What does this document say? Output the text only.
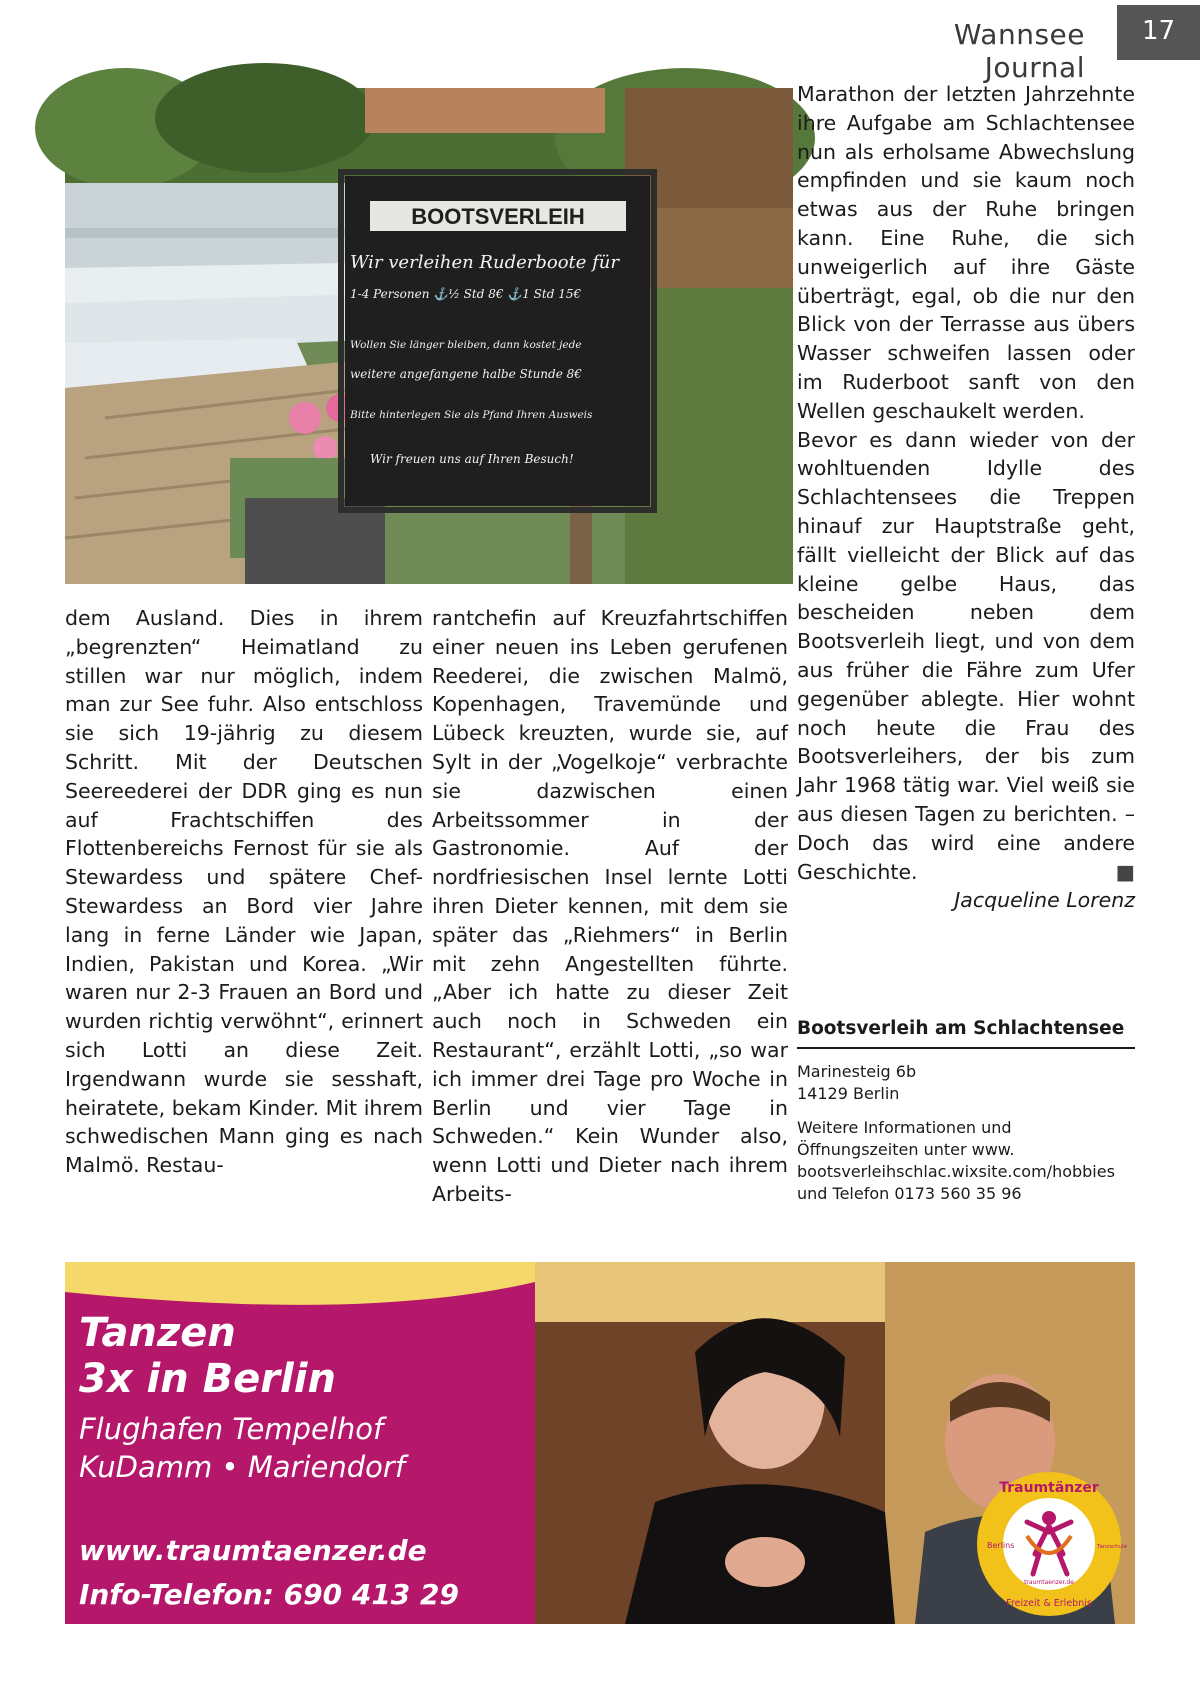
Wannsee Journal
17
BOOTSVERLEIH
Wir verleihen Ruderboote für
1-4 Personen ⚓½ Std 8€ ⚓1 Std 15€
Wollen Sie länger bleiben, dann kostet jede
weitere angefangene halbe Stunde 8€
Bitte hinterlegen Sie als Pfand Ihren Ausweis
Wir freuen uns auf Ihren Besuch!

dem Ausland. Dies in ihrem „begrenzten“ Heimatland zu stillen war nur möglich, indem man zur See fuhr. Also entschloss sie sich 19-jährig zu diesem Schritt. Mit der Deutschen Seereederei der DDR ging es nun auf Frachtschiffen des Flottenbereichs Fernost für sie als Stewardess und spätere Chef-Stewardess an Bord vier Jahre lang in ferne Länder wie Japan, Indien, Pakistan und Korea. „Wir waren nur 2-3 Frauen an Bord und wurden richtig verwöhnt“, erinnert sich Lotti an diese Zeit. Irgendwann wurde sie sesshaft, heiratete, bekam Kinder. Mit ihrem schwedischen Mann ging es nach Malmö. Restau-

rantchefin auf Kreuzfahrtschiffen einer neuen ins Leben gerufenen Reederei, die zwischen Malmö, Kopenhagen, Travemünde und Lübeck kreuzten, wurde sie, auf Sylt in der „Vogelkoje“ verbrachte sie dazwischen einen Arbeitssommer in der Gastronomie. Auf der nordfriesischen Insel lernte Lotti ihren Dieter kennen, mit dem sie später das „Riehmers“ in Berlin mit zehn Angestellten führte. „Aber ich hatte zu dieser Zeit auch noch in Schweden ein Restaurant“, erzählt Lotti, „so war ich immer drei Tage pro Woche in Berlin und vier Tage in Schweden.“ Kein Wunder also, wenn Lotti und Dieter nach ihrem Arbeits-

Marathon der letzten Jahrzehnte ihre Aufgabe am Schlachtensee nun als erholsame Abwechslung empfinden und sie kaum noch etwas aus der Ruhe bringen kann. Eine Ruhe, die sich unweigerlich auf ihre Gäste überträgt, egal, ob die nur den Blick von der Terrasse aus übers Wasser schweifen lassen oder im Ruderboot sanft von den Wellen geschaukelt werden.

Bevor es dann wieder von der wohltuenden Idylle des Schlachtensees die Treppen hinauf zur Hauptstraße geht, fällt vielleicht der Blick auf das kleine gelbe Haus, das bescheiden neben dem Bootsverleih liegt, und von dem aus früher die Fähre zum Ufer gegenüber ablegte. Hier wohnt noch heute die Frau des Bootsverleihers, der bis zum Jahr 1968 tätig war. Viel weiß sie aus diesen Tagen zu berichten. – Doch das wird eine andere Geschichte.	■

Jacqueline Lorenz
Bootsverleih am Schlachtensee
Marinesteig 6b
14129 Berlin
Weitere Informationen und
Öffnungszeiten unter www.
bootsverleihschlac.wixsite.com/hobbies
und Telefon 0173 560 35 96
Tanzen
3x in Berlin
Flughafen Tempelhof
KuDamm • Mariendorf
www.traumtaenzer.de
Info-Telefon: 690 413 29
Traumtänzer
Freizeit & Erlebnis
Berlins	Tanzschule
traumtaenzer.de
